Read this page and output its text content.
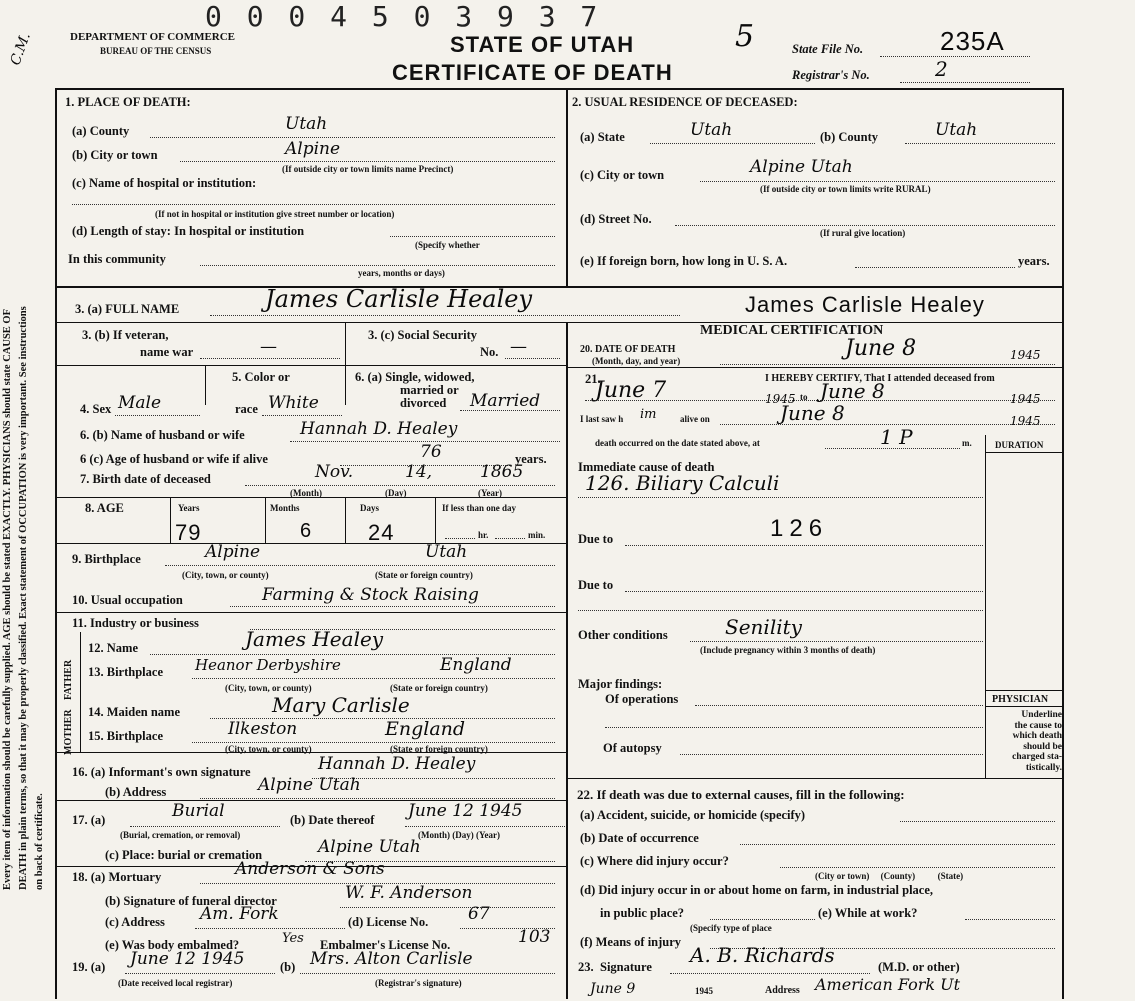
Every item of information should be carefully supplied. AGE should be stated EXACTLY. PHYSICIANS should state CAUSE OF DEATH in plain terms, so that it may be properly classified. Exact statement of OCCUPATION is very important. See instructions on back of certificate.
C.M.
0 0 0 4 5 0 3 9 3 7
DEPARTMENT OF COMMERCE
BUREAU OF THE CENSUS	STATE OF UTAH
CERTIFICATE OF DEATH
5	State File No.	235A
Registrar's No.	2
1. PLACE OF DEATH:
(a) County	Utah
(b) City or town	Alpine
(If outside city or town limits name Precinct)
(c) Name of hospital or institution:
(If not in hospital or institution give street number or location)
(d) Length of stay: In hospital or institution
(Specify whether
In this community
years, months or days)
2. USUAL RESIDENCE OF DECEASED:
(a) State	Utah	(b) County	Utah
(c) City or town	Alpine Utah
(If outside city or town limits write RURAL)
(d) Street No.
(If rural give location)
(e) If foreign born, how long in U. S. A.	years.
3. (a) FULL NAME	James Carlisle Healey	James Carlisle Healey
3. (b) If veteran,
name war	—
3. (c) Social Security
No. —
MEDICAL CERTIFICATION
20. DATE OF DEATH
(Month, day, and year)	June 8	1945
5. Color or	6. (a) Single, widowed,
married or
divorced
4. Sex Male	race White	Married
6. (b) Name of husband or wife	Hannah D. Healey
6 (c) Age of husband or wife if alive	76	years.
7. Birth date of deceased	Nov.	14,	1865
(Month)	(Day)	(Year)
21.	I HEREBY CERTIFY, That I attended deceased from
June 7	1945 to June 8	1945
I last saw h im	alive on	June 8	1945
death occurred on the date stated above, at	1 P	m.	DURATION
Immediate cause of death
126. Biliary Calculi
Due to	126
Due to
Other conditions	Senility
(Include pregnancy within 3 months of death)
Major findings:
Of operations
Of autopsy
PHYSICIAN
Underline
the cause to
which death
should be
charged sta-
tistically.
8. AGE	Years	Months	Days	If less than one day
79	6	24	hr.	min.
9. Birthplace	Alpine	Utah
(City, town, or county)	(State or foreign country)
10. Usual occupation	Farming & Stock Raising
11. Industry or business
FATHER
MOTHER
12. Name	James Healey
13. Birthplace Heanor Derbyshire	England
(City, town, or county)	(State or foreign country)
14. Maiden name	Mary Carlisle
15. Birthplace	Ilkeston	England
(City, town, or county)	(State or foreign country)
16. (a) Informant's own signature	Hannah D. Healey
(b) Address	Alpine Utah
17. (a)	Burial
(Burial, cremation, or removal)
(b) Date thereof June 12 1945
(Month) (Day) (Year)
(c) Place: burial or cremation	Alpine Utah
18. (a) Mortuary	Anderson & Sons
(b) Signature of funeral director	W. F. Anderson
(c) Address Am. Fork	(d) License No. 67
(e) Was body embalmed?	Yes Embalmer's License No.	103
19. (a) June 12 1945
(Date received local registrar)
(b) Mrs. Alton Carlisle
(Registrar's signature)
22. If death was due to external causes, fill in the following:
(a) Accident, suicide, or homicide (specify)
(b) Date of occurrence
(c) Where did injury occur?
(City or town)     (County)          (State)
(d) Did injury occur in or about home on farm, in industrial place,
in public place?
(Specify type of place
(e) While at work?
(f) Means of injury
23. Signature A. B. Richards	(M.D. or other)
June 9	1945	Address American Fork Ut
